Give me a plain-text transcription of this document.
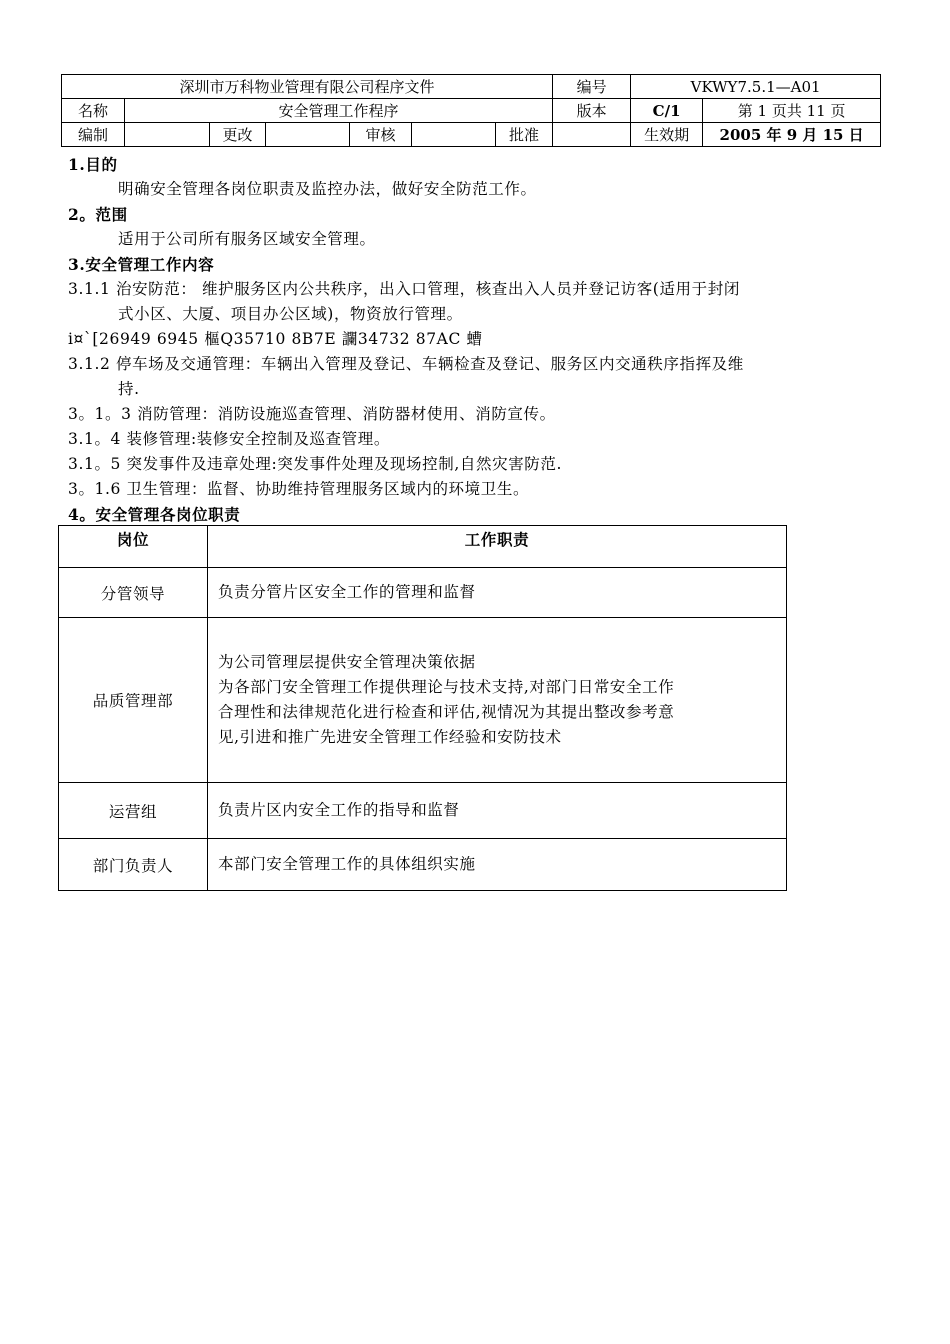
深圳市万科物业管理有限公司程序文件							编号	VKWY7.5.1—A01	
名称	安全管理工作程序						版本	C/1	第 1 页共 11 页
编制		更改		审核		批准		生效期	2005 年 9 月 15 日
1.目的
明确安全管理各岗位职责及监控办法，做好安全防范工作。
2。范围
适用于公司所有服务区域安全管理。
3.安全管理工作内容
3.1.1 治安防范： 维护服务区内公共秩序，出入口管理，核查出入人员并登记访客(适用于封闭
式小区、大厦、项目办公区域)，物资放行管理。
i¤`[26949 6945 樞Q35710 8B7E 讕34732 87AC 螬
3.1.2 停车场及交通管理：车辆出入管理及登记、车辆检查及登记、服务区内交通秩序指挥及维
持.
3。1。3 消防管理：消防设施巡查管理、消防器材使用、消防宣传。
3.1。4 装修管理:装修安全控制及巡查管理。
3.1。5 突发事件及违章处理:突发事件处理及现场控制,自然灾害防范.
3。1.6 卫生管理：监督、协助维持管理服务区域内的环境卫生。
4。安全管理各岗位职责
岗位	工作职责
分管领导	负责分管片区安全工作的管理和监督

品质管理部	为公司管理层提供安全管理决策依据
为各部门安全管理工作提供理论与技术支持,对部门日常安全工作
合理性和法律规范化进行检查和评估,视情况为其提出整改参考意
见,引进和推广先进安全管理工作经验和安防技术

运营组	负责片区内安全工作的指导和监督

部门负责人	本部门安全管理工作的具体组织实施
